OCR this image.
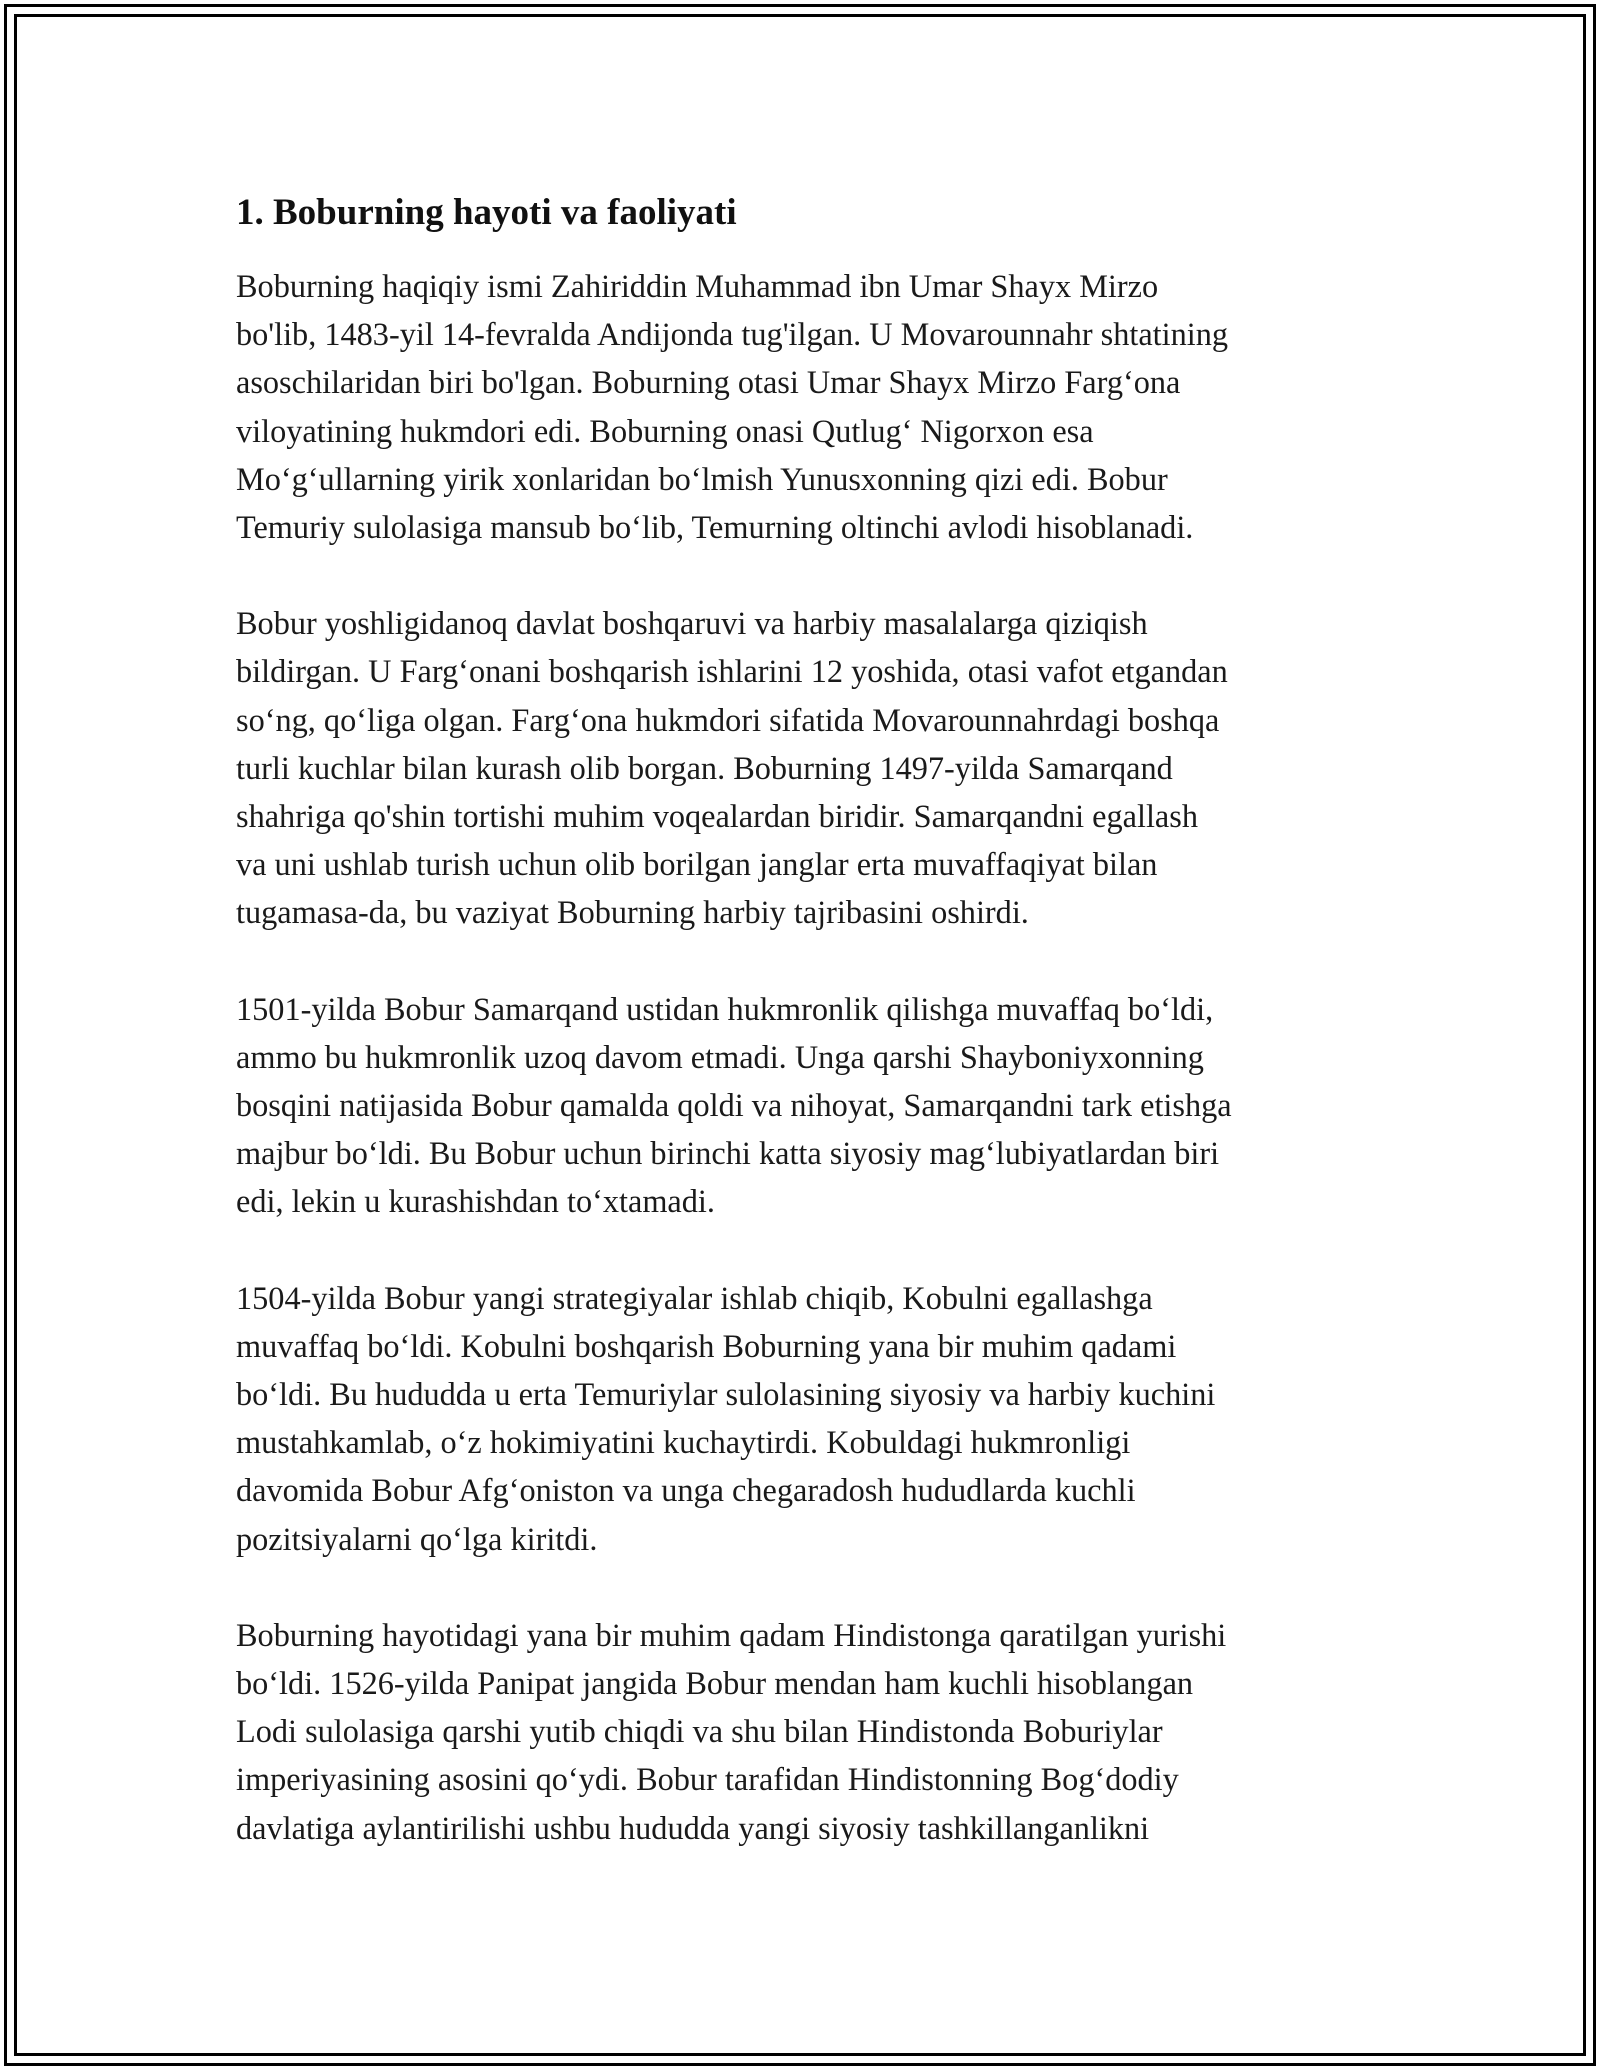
1. Boburning hayoti va faoliyati

Boburning haqiqiy ismi Zahiriddin Muhammad ibn Umar Shayx Mirzo
bo'lib, 1483-yil 14-fevralda Andijonda tug'ilgan. U Movarounnahr shtatining
asoschilaridan biri bo'lgan. Boburning otasi Umar Shayx Mirzo Farg‘ona
viloyatining hukmdori edi. Boburning onasi Qutlug‘ Nigorxon esa
Mo‘g‘ullarning yirik xonlaridan bo‘lmish Yunusxonning qizi edi. Bobur
Temuriy sulolasiga mansub bo‘lib, Temurning oltinchi avlodi hisoblanadi.

Bobur yoshligidanoq davlat boshqaruvi va harbiy masalalarga qiziqish
bildirgan. U Farg‘onani boshqarish ishlarini 12 yoshida, otasi vafot etgandan
so‘ng, qo‘liga olgan. Farg‘ona hukmdori sifatida Movarounnahrdagi boshqa
turli kuchlar bilan kurash olib borgan. Boburning 1497-yilda Samarqand
shahriga qo'shin tortishi muhim voqealardan biridir. Samarqandni egallash
va uni ushlab turish uchun olib borilgan janglar erta muvaffaqiyat bilan
tugamasa-da, bu vaziyat Boburning harbiy tajribasini oshirdi.

1501-yilda Bobur Samarqand ustidan hukmronlik qilishga muvaffaq bo‘ldi,
ammo bu hukmronlik uzoq davom etmadi. Unga qarshi Shayboniyxonning
bosqini natijasida Bobur qamalda qoldi va nihoyat, Samarqandni tark etishga
majbur bo‘ldi. Bu Bobur uchun birinchi katta siyosiy mag‘lubiyatlardan biri
edi, lekin u kurashishdan to‘xtamadi.

1504-yilda Bobur yangi strategiyalar ishlab chiqib, Kobulni egallashga
muvaffaq bo‘ldi. Kobulni boshqarish Boburning yana bir muhim qadami
bo‘ldi. Bu hududda u erta Temuriylar sulolasining siyosiy va harbiy kuchini
mustahkamlab, o‘z hokimiyatini kuchaytirdi. Kobuldagi hukmronligi
davomida Bobur Afg‘oniston va unga chegaradosh hududlarda kuchli
pozitsiyalarni qo‘lga kiritdi.

Boburning hayotidagi yana bir muhim qadam Hindistonga qaratilgan yurishi
bo‘ldi. 1526-yilda Panipat jangida Bobur mendan ham kuchli hisoblangan
Lodi sulolasiga qarshi yutib chiqdi va shu bilan Hindistonda Boburiylar
imperiyasining asosini qo‘ydi. Bobur tarafidan Hindistonning Bog‘dodiy
davlatiga aylantirilishi ushbu hududda yangi siyosiy tashkillanganlikni
